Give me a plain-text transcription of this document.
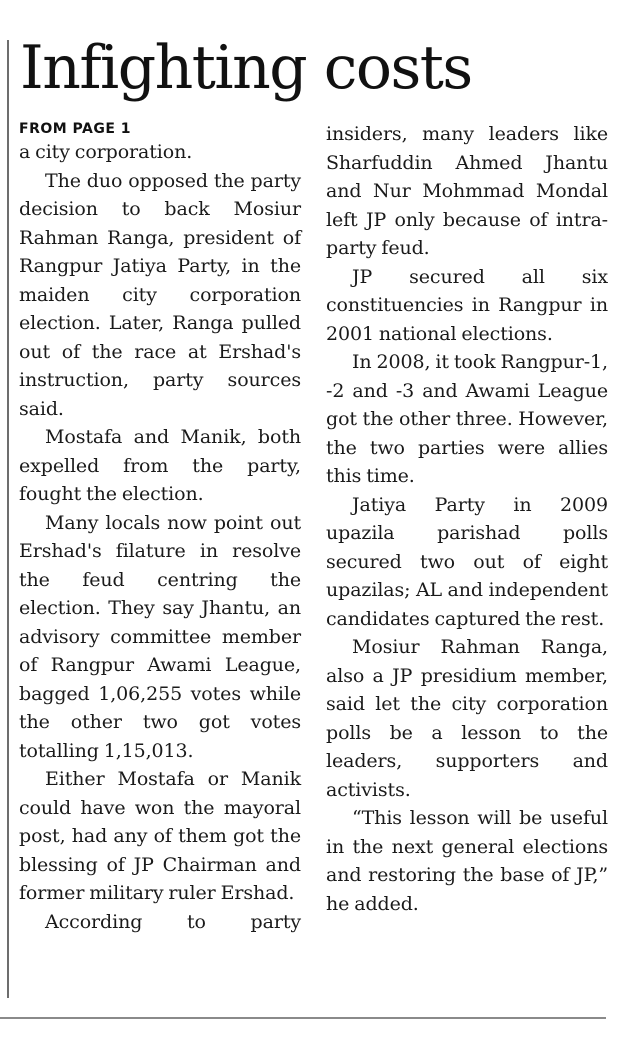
Infighting costs
FROM PAGE 1

a city corporation.

The duo opposed the party decision to back Mosiur Rahman Ranga, president of Rangpur Jatiya Party, in the maiden city corporation election. Later, Ranga pulled out of the race at Ershad's instruction, party sources said.

Mostafa and Manik, both expelled from the party, fought the election.

Many locals now point out Ershad's filature in resolve the feud centring the election. They say Jhantu, an advisory committee member of Rangpur Awami League, bagged 1,06,255 votes while the other two got votes totalling 1,15,013.

Either Mostafa or Manik could have won the mayoral post, had any of them got the blessing of JP Chairman and former military ruler Ershad.

According to party

insiders, many leaders like Sharfuddin Ahmed Jhantu and Nur Mohmmad Mondal left JP only because of intra-party feud.

JP secured all six constituencies in Rangpur in 2001 national elections.

In 2008, it took Rangpur-1, -2 and -3 and Awami League got the other three. However, the two parties were allies this time.

Jatiya Party in 2009 upazila parishad polls secured two out of eight upazilas; AL and independent candidates captured the rest.

Mosiur Rahman Ranga, also a JP presidium member, said let the city corporation polls be a lesson to the leaders, supporters and activists.

“This lesson will be useful in the next general elections and restoring the base of JP,” he added.
